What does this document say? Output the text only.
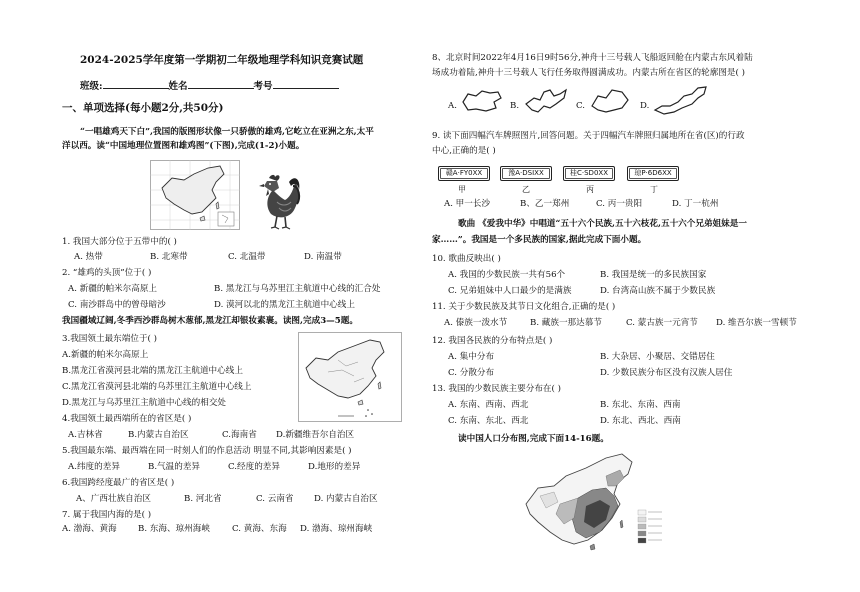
2024-2025学年度第一学期初二年级地理学科知识竞赛试题
班级:	姓名	考号
一、单项选择(每小题2分,共50分)
“一唱雄鸡天下白”,我国的版图形状像一只骄傲的雄鸡,它屹立在亚洲之东,太平
洋以西。读“中国地理位置图和雄鸡图”(下图),完成(1-2)小题。
1. 我国大部分位于五带中的( )
A. 热带	B. 北寒带	C. 北温带	D. 南温带
2. “雄鸡的头顶”位于( )
A. 新疆的帕米尔高原上	B. 黑龙江与乌苏里江主航道中心线的汇合处
C. 南沙群岛中的曾母暗沙	D. 漠河以北的黑龙江主航道中心线上
我国疆域辽阔,冬季西沙群岛树木葱郁,黑龙江却银妆素裹。读图,完成3—5题。
3.我国领土最东端位于( )
A.新疆的帕米尔高原上
B.黑龙江省漠河县北端的黑龙江主航道中心线上
C.黑龙江省漠河县北端的乌苏里江主航道中心线上
D.黑龙江与乌苏里江主航道中心线的相交处
4.我国领土最西端所在的省区是( )
A.吉林省	B.内蒙古自治区	C.海南省 D.新疆维吾尔自治区
5.我国最东端、最西端在同一时刻人们的作息活动 明显不同,其影响因素是( )
A.纬度的差异	B.气温的差异	C.经度的差异	D.地形的差异
6.我国跨经度最广的省区是( )
A、广西壮族自治区	B. 河北省	C. 云南省 D. 内蒙古自治区
7. 属于我国内海的是( )
A. 渤海、黄海 B. 东海、琼州海峡	C. 黄海、东海 D. 渤海、琼州海峡
8、北京时间2022年4月16日9时56分,神舟十三号载人飞船返回舱在内蒙古东风着陆
场成功着陆,神舟十三号载人飞行任务取得圆满成功。内蒙古所在省区的轮廓图是( )
A.	B.	C.	D.
9. 读下面四幅汽车牌照图片,回答问题。关于四幅汽车牌照归属地所在省(区)的行政
中心,正确的是( )
赣A·FY0XX	豫A·DSIXX	桂C·SD0XX	琼P·6D6XX
甲	乙	丙	丁
A. 甲一长沙	B、乙一郑州	C. 丙一贵阳	D. 丁一杭州
歌曲 《爱我中华》中唱道“五十六个民族,五十六枝花,五十六个兄弟姐妹是一
家……”。我国是一个多民族的国家,据此完成下面小题。
10. 歌曲反映出( )
A. 我国的少数民族一共有56个	B. 我国是统一的多民族国家
C. 兄弟姐妹中人口最少的是满族	D. 台湾高山族不属于少数民族
11. 关于少数民族及其节日文化组合,正确的是( )
A. 傣族一泼水节	B. 藏族一那达慕节	C. 蒙古族一元宵节 D. 维吾尔族一雪顿节
12. 我国各民族的分布特点是( )
A. 集中分布	B. 大杂居、小聚居、交错居住
C. 分散分布	D. 少数民族分布区没有汉族人居住
13. 我国的少数民族主要分布在( )
A. 东南、西南、西北	B. 东北、东南、西南
C. 东南、东北、西北	D. 东北、西北、西南
读中国人口分布图,完成下面14-16题。
